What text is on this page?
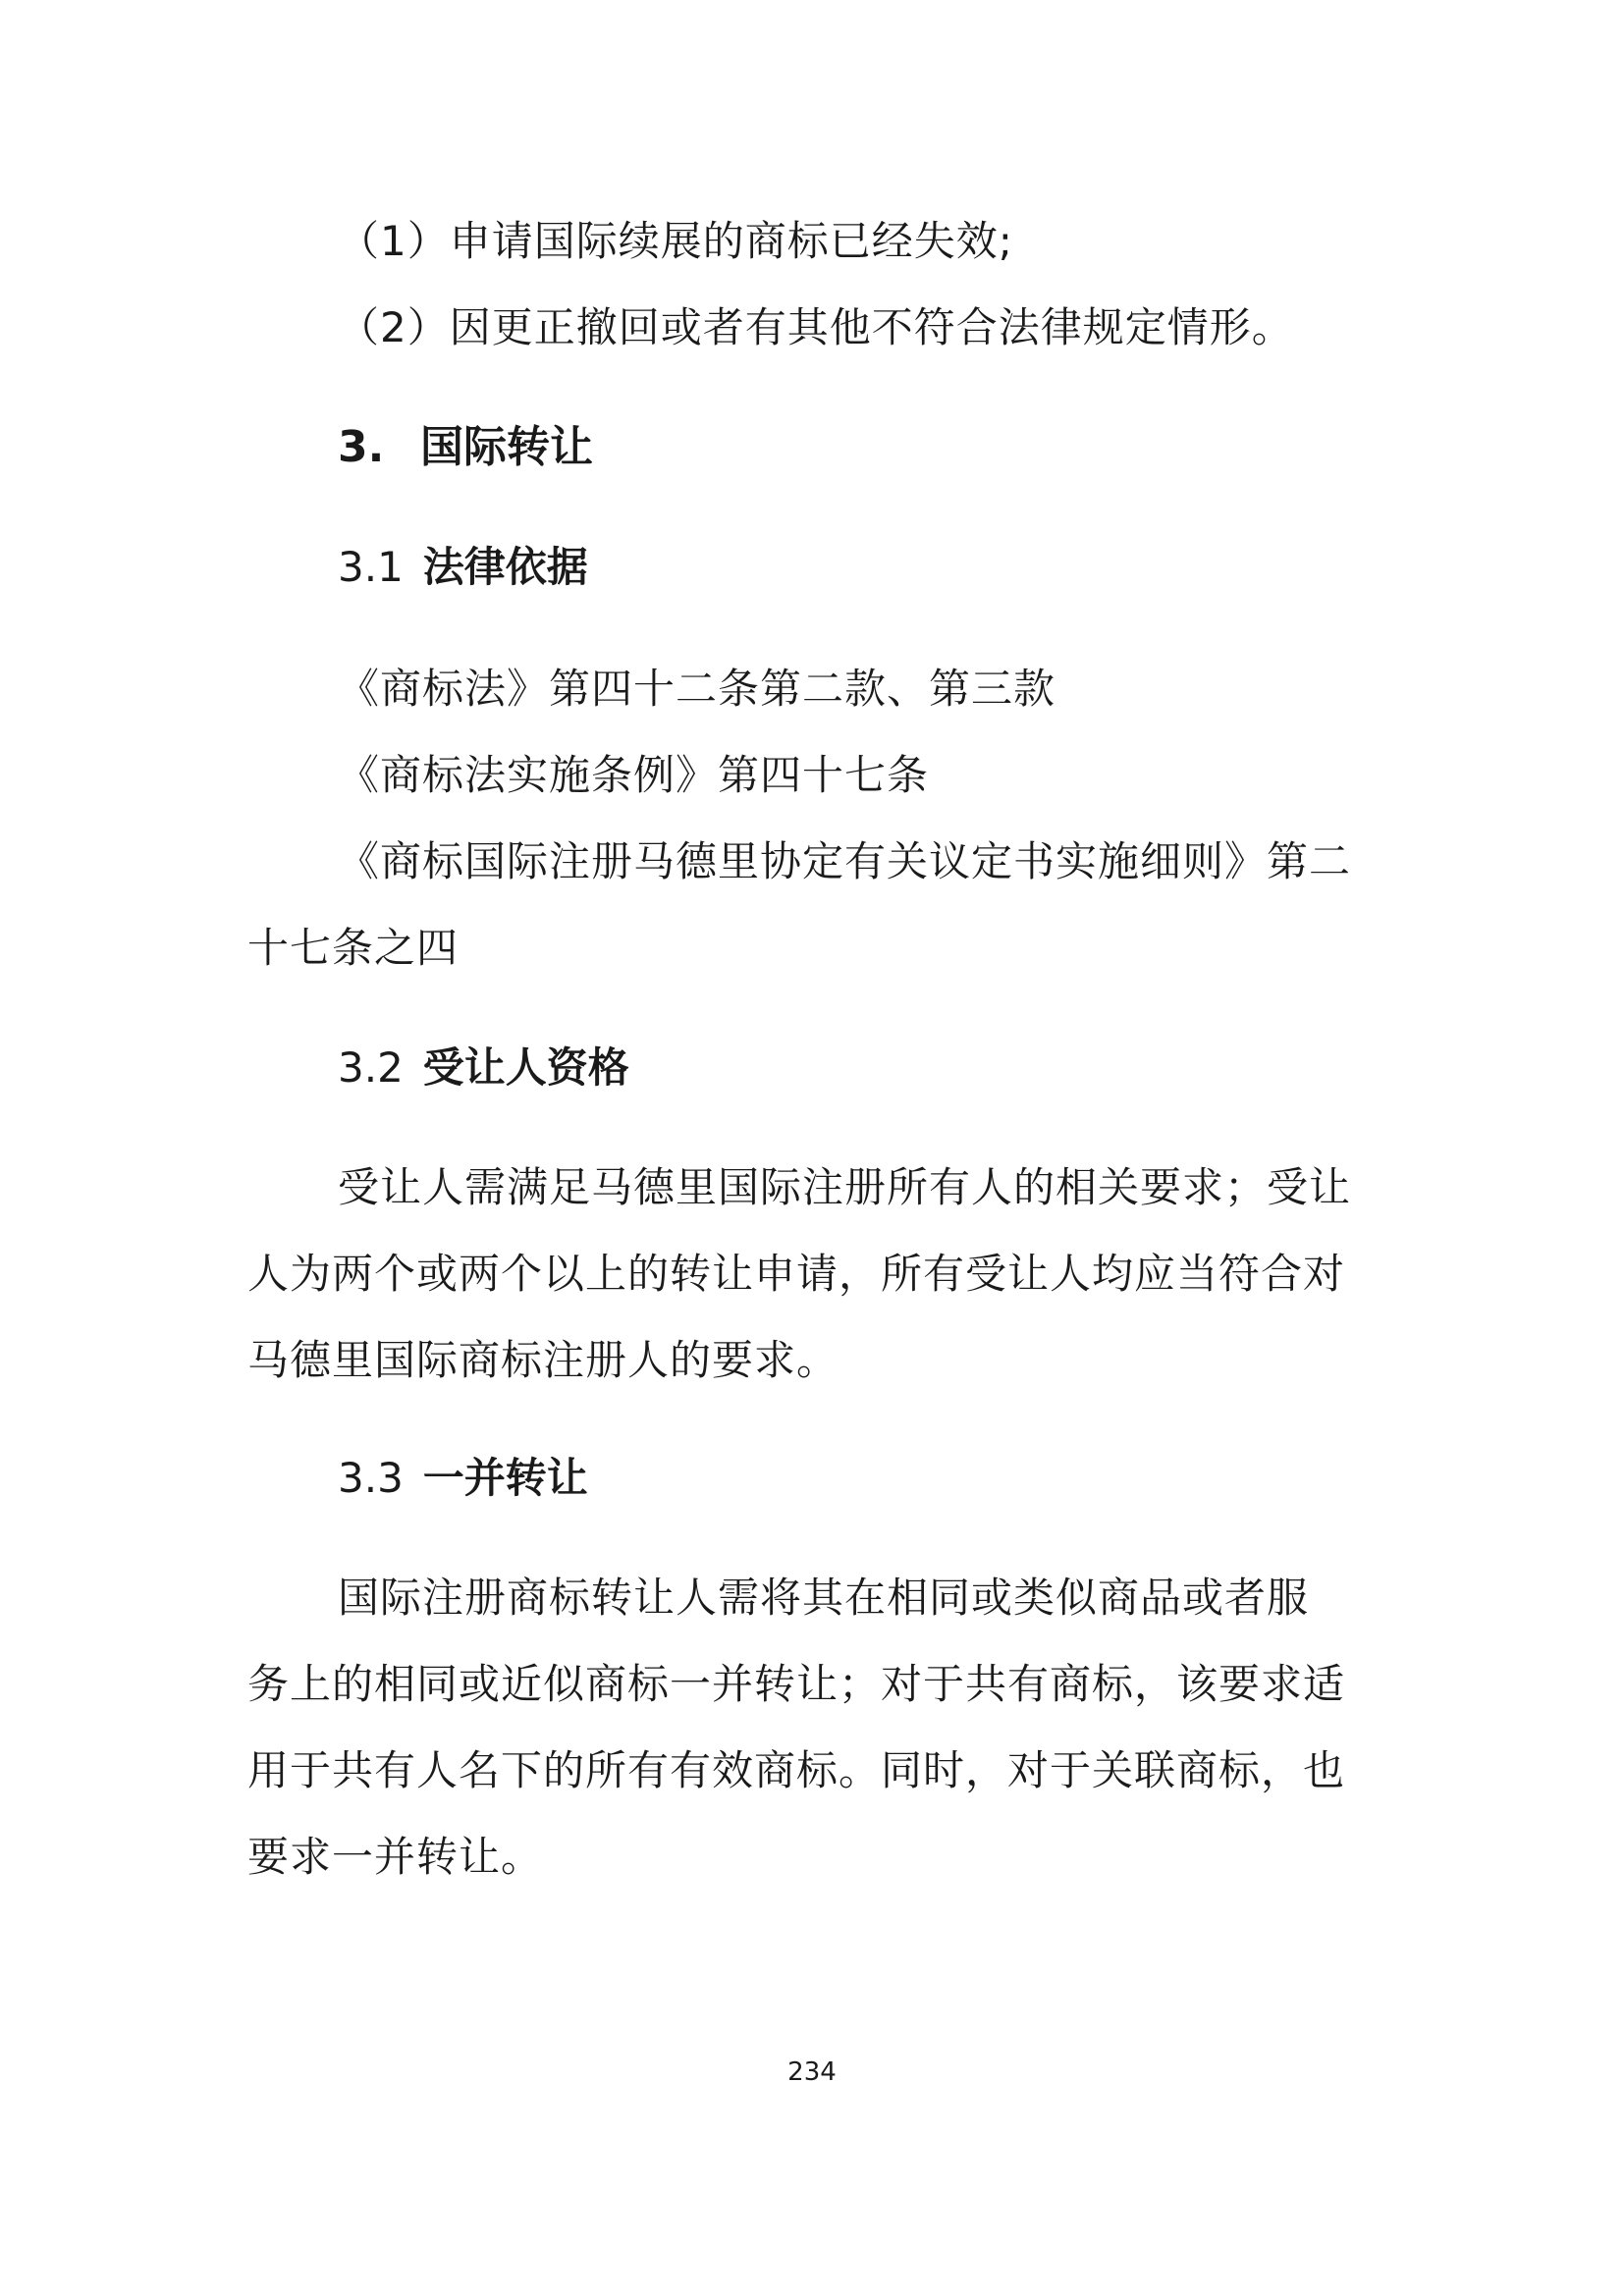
（1）申请国际续展的商标已经失效;
（2）因更正撤回或者有其他不符合法律规定情形。
3. 国际转让
3.1 法律依据
《商标法》第四十二条第二款、第三款
《商标法实施条例》第四十七条
《商标国际注册马德里协定有关议定书实施细则》第二
十七条之四
3.2 受让人资格
受让人需满足马德里国际注册所有人的相关要求；受让
人为两个或两个以上的转让申请，所有受让人均应当符合对
马德里国际商标注册人的要求。
3.3 一并转让
国际注册商标转让人需将其在相同或类似商品或者服
务上的相同或近似商标一并转让；对于共有商标，该要求适
用于共有人名下的所有有效商标。同时，对于关联商标，也
要求一并转让。
234
